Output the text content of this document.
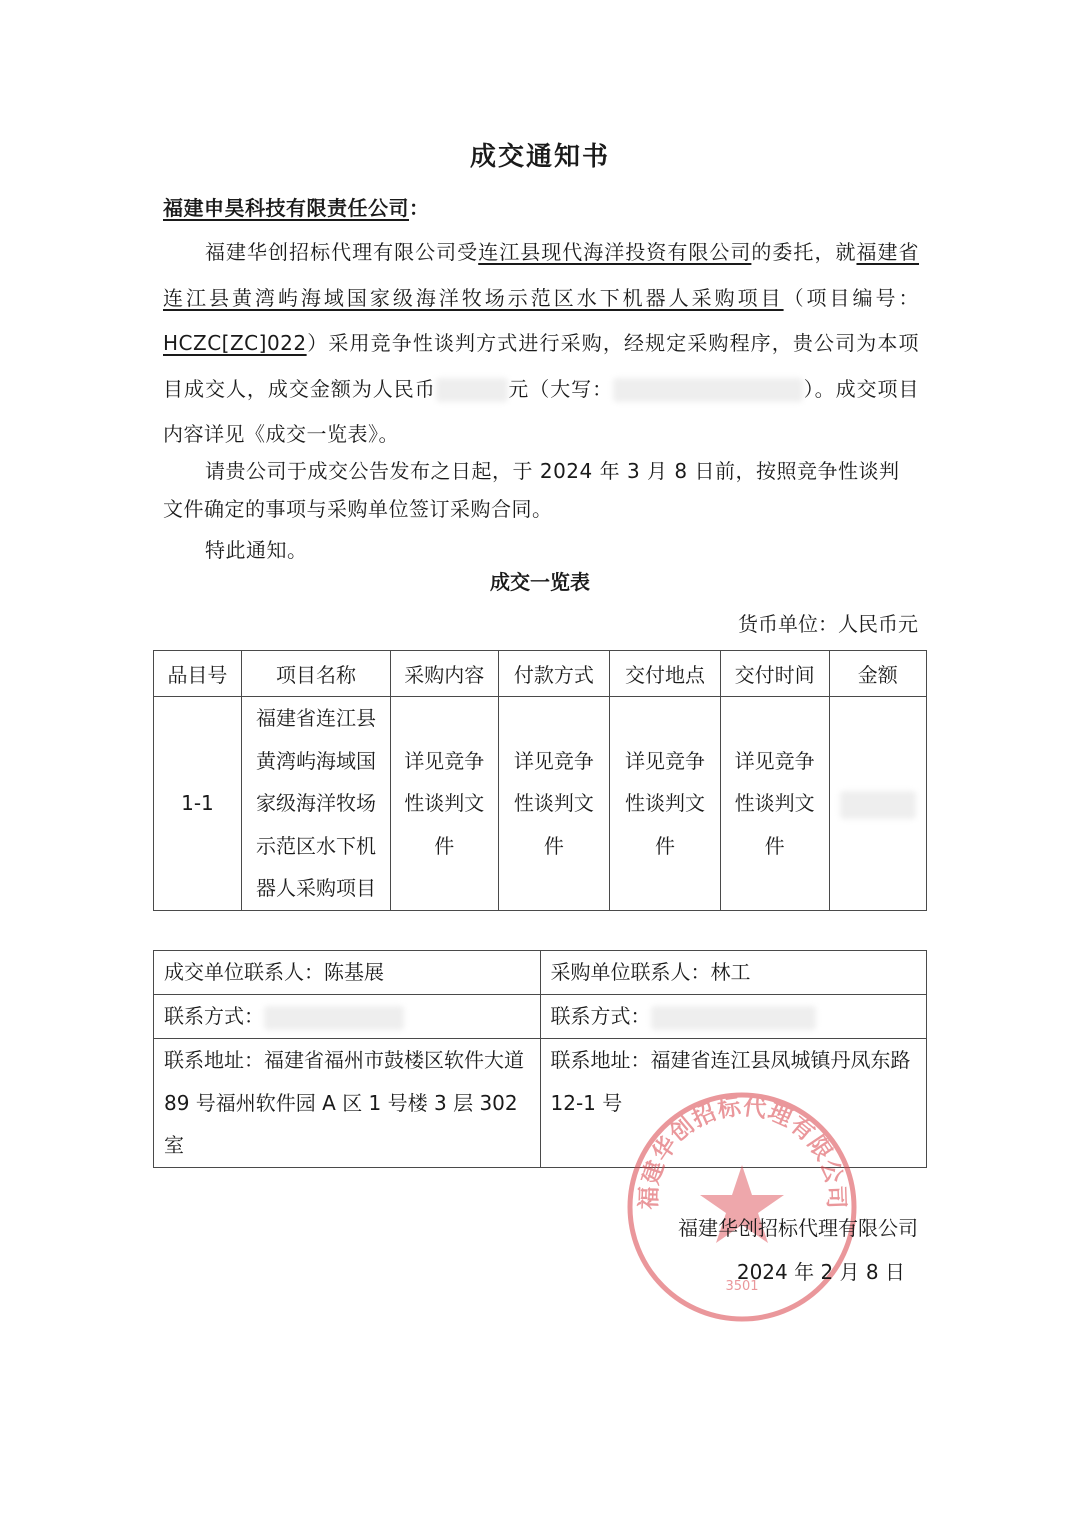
成交通知书
福建申昊科技有限责任公司：
福建华创招标代理有限公司受连江县现代海洋投资有限公司的委托，就福建省连江县黄湾屿海域国家级海洋牧场示范区水下机器人采购项目（项目编号：HCZC[ZC]022）采用竞争性谈判方式进行采购，经规定采购程序，贵公司为本项目成交人，成交金额为人民币	元（大写：	）。成交项目内容详见《成交一览表》。
请贵公司于成交公告发布之日起，于 2024 年 3 月 8 日前，按照竞争性谈判文件确定的事项与采购单位签订采购合同。
特此通知。
成交一览表
货币单位：人民币元
品目号	项目名称	采购内容	付款方式	交付地点	交付时间	金额
1-1	福建省连江县黄湾屿海域国家级海洋牧场示范区水下机器人采购项目	详见竞争性谈判文件	详见竞争性谈判文件	详见竞争性谈判文件	详见竞争性谈判文件	
成交单位联系人：陈基展	采购单位联系人：林工
联系方式：	联系方式：
联系地址：福建省福州市鼓楼区软件大道 89 号福州软件园 A 区 1 号楼 3 层 302 室	联系地址：福建省连江县凤城镇丹凤东路 12-1 号
福建华创招标代理有限公司
3501
福建华创招标代理有限公司
2024 年 2 月 8 日
